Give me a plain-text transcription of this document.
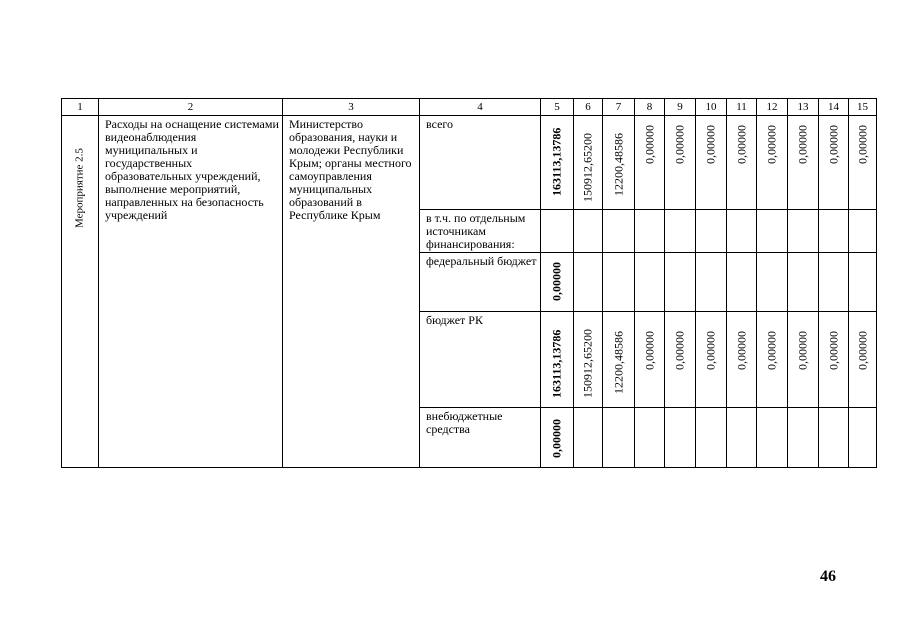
1	2	3	4	5	6	7	8	9	10	11	12	13	14	15

Мероприятие 2.5	Расходы на оснащение системами видеонаблюдения муниципальных и государственных образовательных учреждений, выполнение мероприятий, направленных на безопасность учреждений	Министерство образования, науки и молодежи Республики Крым; органы местного самоуправления муниципальных образований в Республике Крым	всего	163113,13786	150912,65200	12200,48586	0,00000	0,00000	0,00000	0,00000	0,00000	0,00000	0,00000	0,00000

			в т.ч. по отдельным источникам финансирования:											

			федеральный бюджет	0,00000										

			бюджет РК	163113,13786	150912,65200	12200,48586	0,00000	0,00000	0,00000	0,00000	0,00000	0,00000	0,00000	0,00000

			внебюджетные средства	0,00000										

46
